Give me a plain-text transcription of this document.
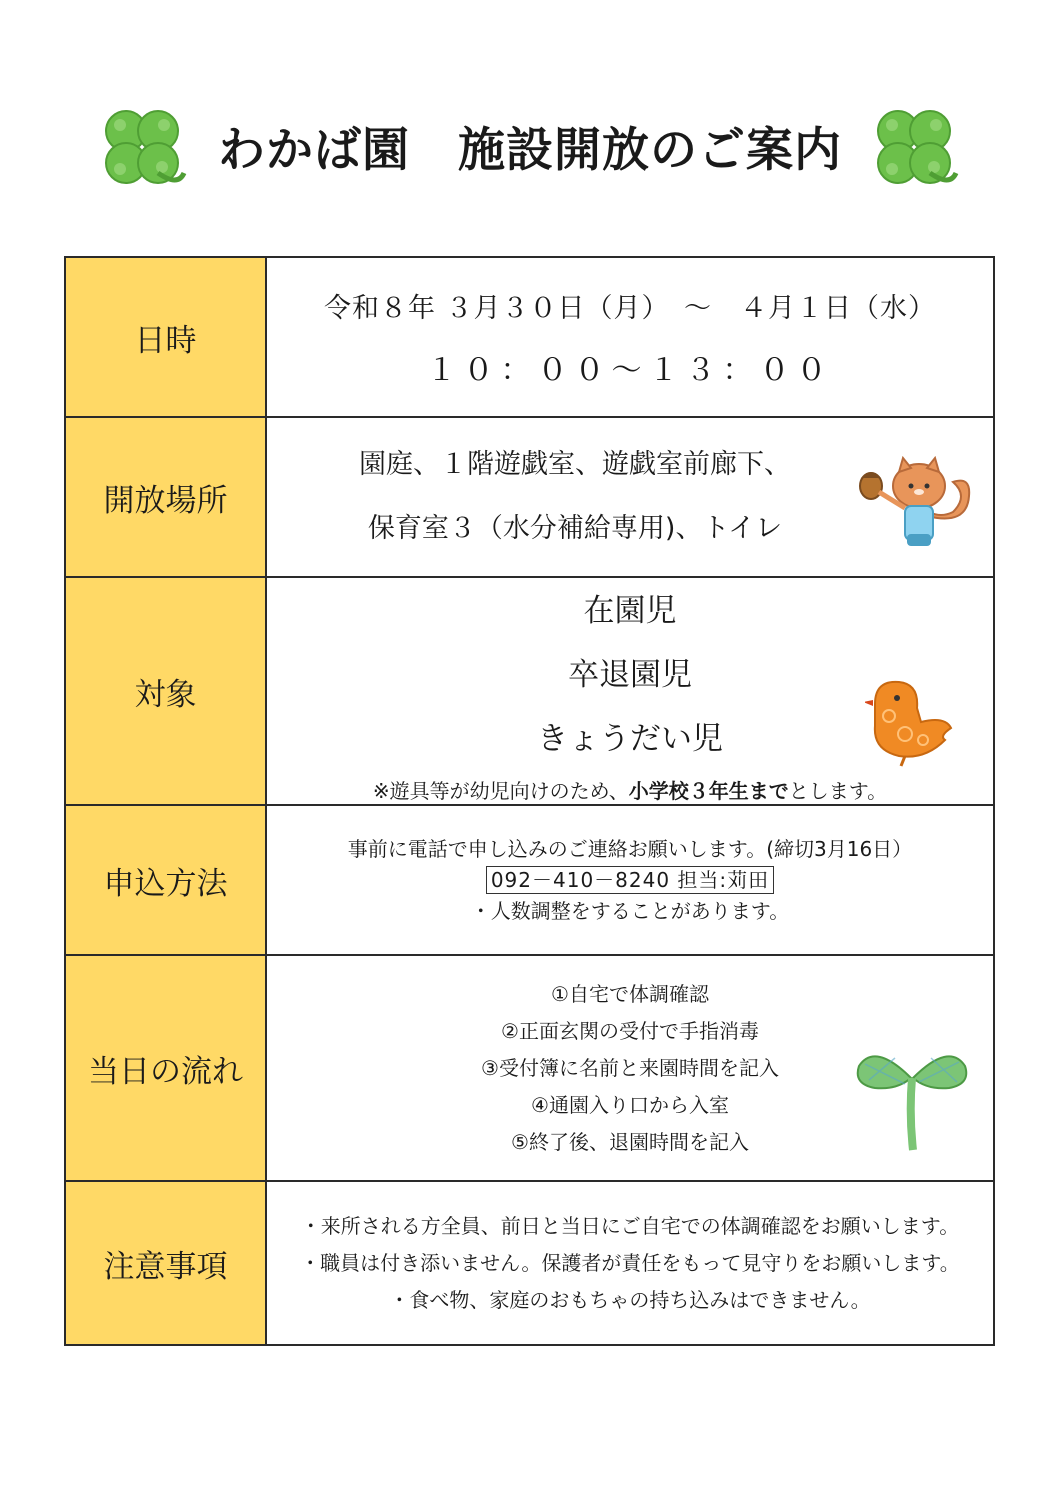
わかば園　施設開放のご案内
日時	令和８年 ３月３０日（月）　～　４月１日（水）
１０：００～１３：００

開放場所	園庭、１階遊戯室、遊戯室前廊下、
保育室３（水分補給専用)、トイレ

対象	在園児
卒退園児
きょうだい児
※遊具等が幼児向けのため、小学校３年生までとします。

申込方法	事前に電話で申し込みのご連絡お願いします。(締切3月16日）
092－410－8240 担当:苅田
・人数調整をすることがあります。

当日の流れ	①自宅で体調確認
②正面玄関の受付で手指消毒
③受付簿に名前と来園時間を記入
④通園入り口から入室
⑤終了後、退園時間を記入

注意事項	・来所される方全員、前日と当日にご自宅での体調確認をお願いします。
・職員は付き添いません。保護者が責任をもって見守りをお願いします。
・食べ物、家庭のおもちゃの持ち込みはできません。
